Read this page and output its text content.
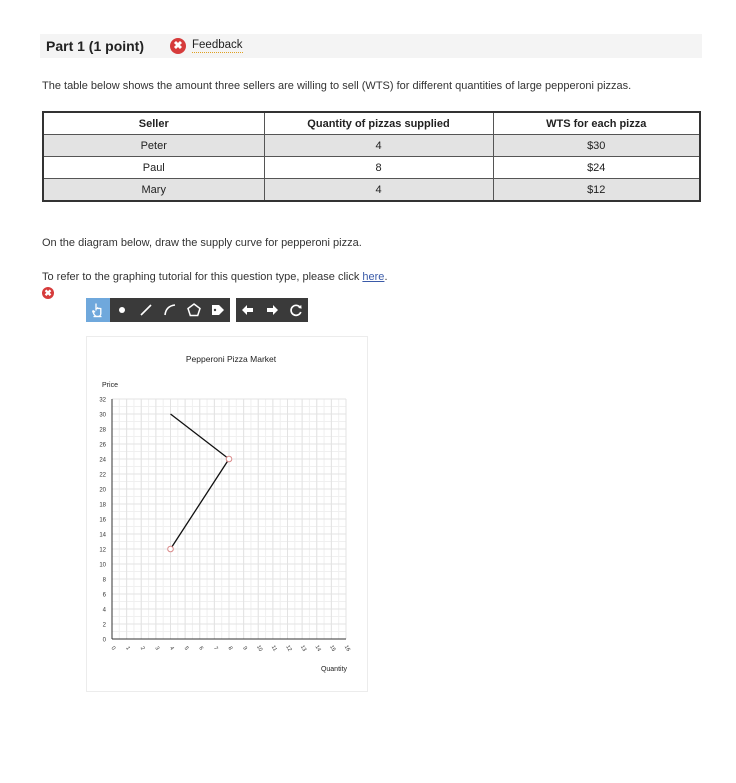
Part 1 (1 point)	✖ Feedback
The table below shows the amount three sellers are willing to sell (WTS) for different quantities of large pepperoni pizzas.
Seller	Quantity of pizzas supplied	WTS for each pizza
Peter	4	$30
Paul	8	$24
Mary	4	$12
On the diagram below, draw the supply curve for pepperoni pizza.
To refer to the graphing tutorial for this question type, please click here.
✖
Pepperoni Pizza Market
Price
Quantity
0
2
4
6
8
10
12
14
16
18
20
22
24
26
28
30
32
0 1 2 3 4 5 6 7 8 9 10 11 12 13 14 15 16
